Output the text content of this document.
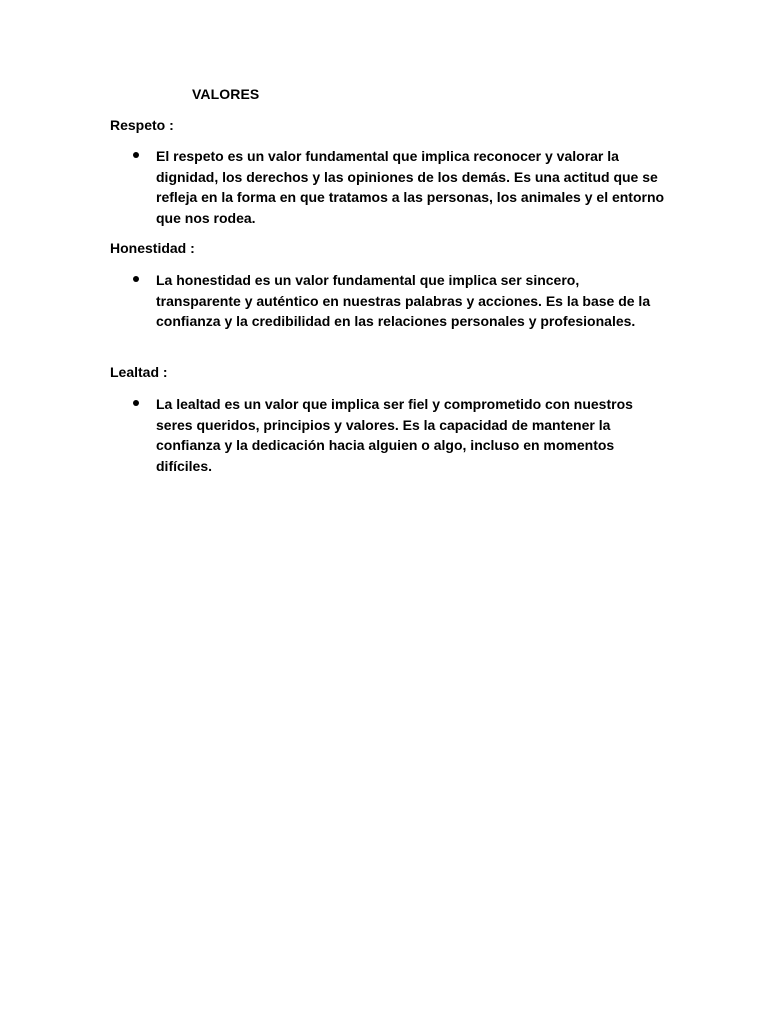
VALORES
Respeto :
El respeto es un valor fundamental que implica reconocer y valorar la dignidad, los derechos y las opiniones de los demás. Es una actitud que se refleja en la forma en que tratamos a las personas, los animales y el entorno que nos rodea.
Honestidad :
La honestidad es un valor fundamental que implica ser sincero, transparente y auténtico en nuestras palabras y acciones. Es la base de la confianza y la credibilidad en las relaciones personales y profesionales.
Lealtad :
La lealtad es un valor que implica ser fiel y comprometido con nuestros seres queridos, principios y valores. Es la capacidad de mantener la confianza y la dedicación hacia alguien o algo, incluso en momentos difíciles.
